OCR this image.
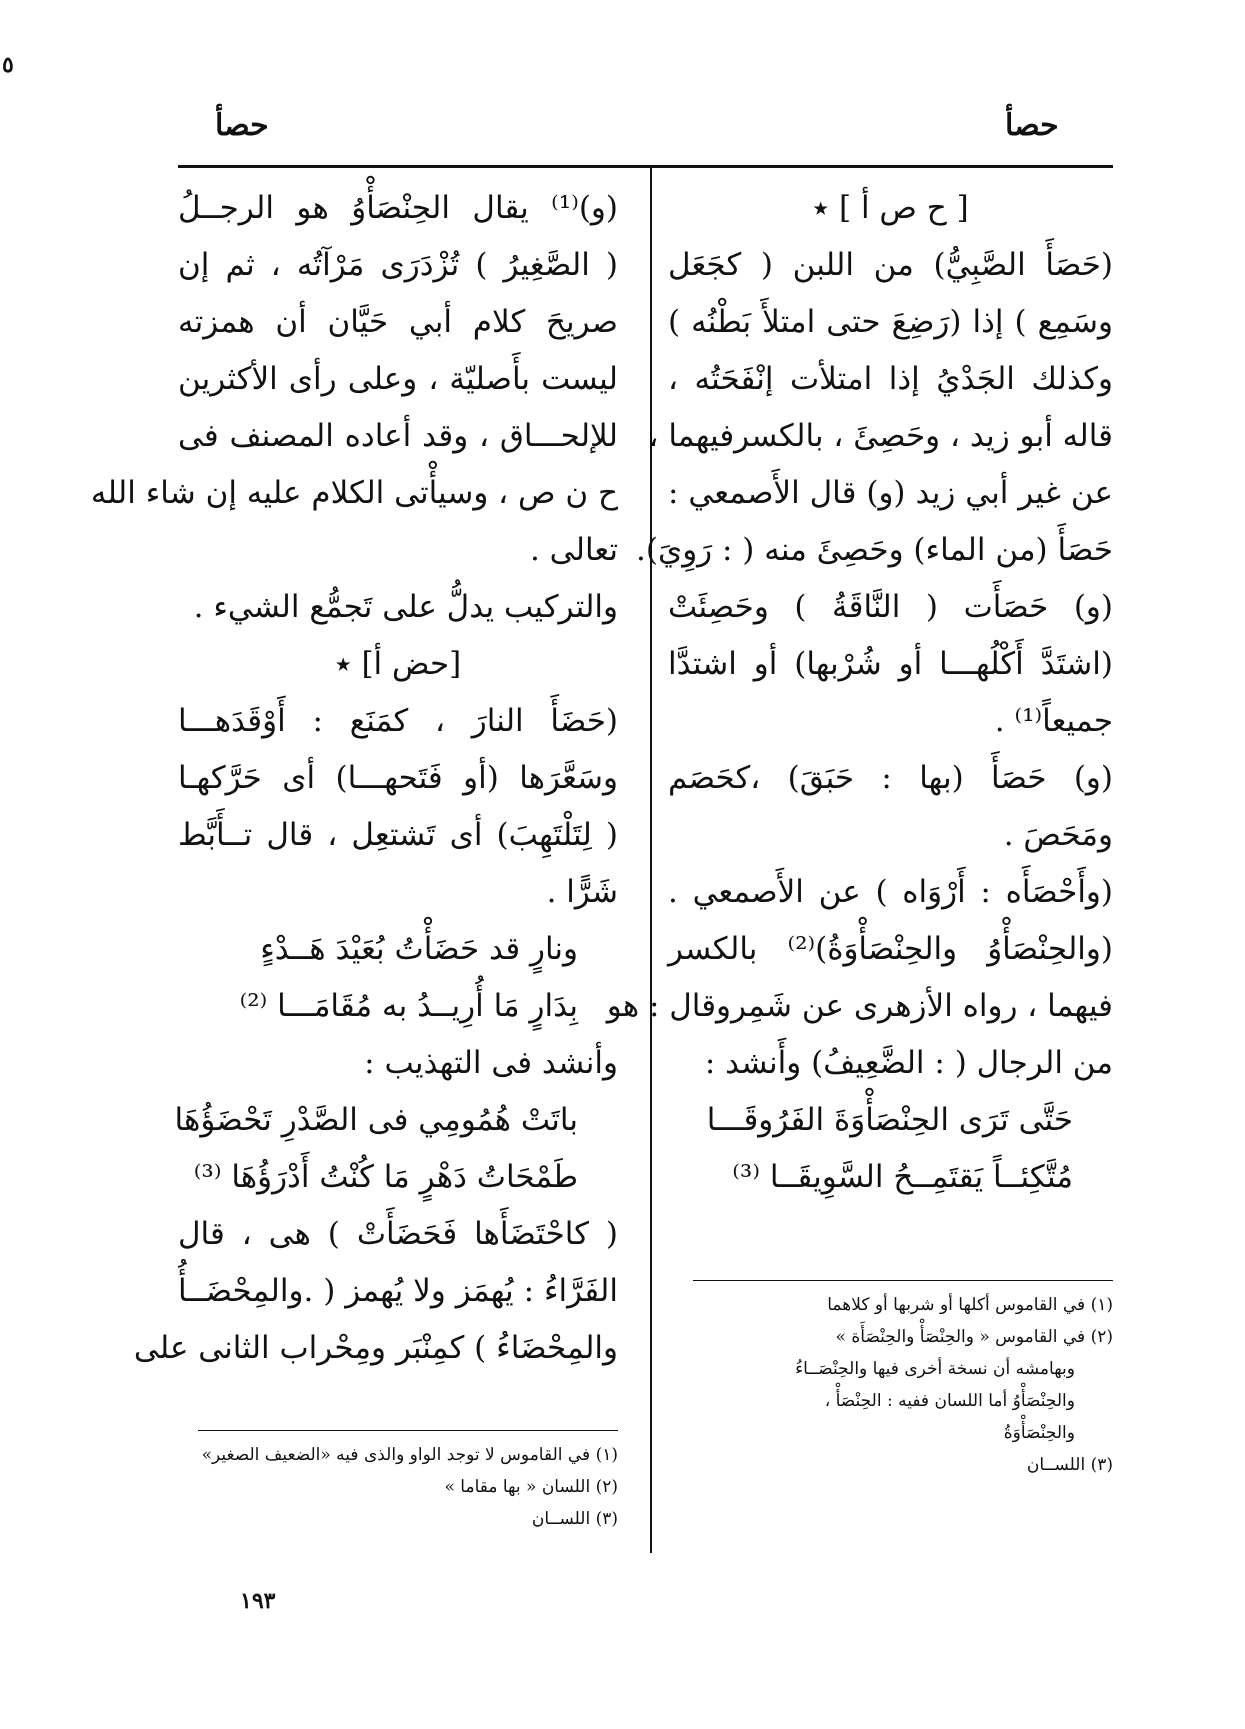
حصأ
حصأ
[ ح ص أ ] ٭
(حَصَأَ الصَّبِيُّ) من اللبن ( كجَعَل
وسَمِع ) إذا (رَضِعَ حتى امتلأَ بَطْنُه )
وكذلك الجَدْيُ إذا امتلأت إنْفَحَتُه ،
قاله أبو زيد ، وحَصِئَ ، بالكسرفيهما ،
عن غير أبي زيد (و) قال الأَصمعي :
حَصَأَ (من الماء) وحَصِئَ منه ( : رَوِيَ).
(و) حَصَأَت ( النَّاقَةُ ) وحَصِئَتْ
(اشتَدَّ أَكْلُهـــا أو شُرْبها) أو اشتدَّا
جميعاً⁽¹⁾ .
(و) حَصَأَ (بها : حَبَقَ) ،كحَصَم
ومَحَصَ .
(وأَحْصَأَه : أَرْوَاه ) عن الأَصمعي .
(والحِنْصَأْوُ والحِنْصَأْوَةُ)⁽²⁾ بالكسر
فيهما ، رواه الأزهرى عن شَمِروقال : هو
من الرجال ( : الضَّعِيفُ) وأَنشد :
حَتَّى تَرَى الحِنْصَأْوَةَ الفَرُوقَـــا
مُتَّكِئــاً يَقتَمِــحُ السَّوِيقَــا ⁽³⁾
(١) في القاموس أكلها أو شربها أو كلاهما
(٢) في القاموس « والحِنْصَأْ والحِنْصَأَة »
وبهامشه أن نسخة أخرى فيها والحِنْصَــاءُ
والحِنْصَأْوُ أما اللسان ففيه : الحِنْصَأْ ،
والحِنْصَأْوَةُ
(٣) اللســان
(و)⁽¹⁾ يقال الحِنْصَأْوُ هو الرجــلُ
( الصَّغِيرُ ) تُزْدَرَى مَرْآتُه ، ثم إن
صريحَ كلام أبي حَيَّان أن همزته
ليست بأَصليّة ، وعلى رأى الأكثرين
للإلحـــاق ، وقد أعاده المصنف فى
ح ن ص ، وسيأْتى الكلام عليه إن شاء الله
تعالى .
والتركيب يدلُّ على تَجمُّع الشيء .
[حض أ] ٭
(حَضَأَ النارَ ، كمَنَع : أَوْقَدَهـــا
وسَعَّرَها (أو فَتَحهـــا) أى حَرَّكهـا
( لِتَلْتَهِبَ) أى تَشتعِل ، قال تــأَبَّط
شَرًّا .
ونارٍ قد حَضَأْتُ بُعَيْدَ هَــدْءٍ
بِدَارٍ مَا أُرِيــدُ به مُقَامَـــا ⁽²⁾
وأنشد فى التهذيب :
باتَتْ هُمُومِي فى الصَّدْرِ تَحْضَؤُهَا
طَمْحَاتُ دَهْرٍ مَا كُنْتُ أَدْرَؤُهَا ⁽³⁾
( كاحْتَضَأَها فَحَضَأَتْ ) هى ، قال
الفَرَّاءُ : يُهمَز ولا يُهمز ( .والمِحْضَــأُ
والمِحْضَاءُ ) كمِنْبَر ومِحْراب الثانى على
(١) في القاموس لا توجد الواو والذى فيه «الضعيف الصغير»
(٢) اللسان « بها مقاما »
(٣) اللســان
١٩٣
٥
